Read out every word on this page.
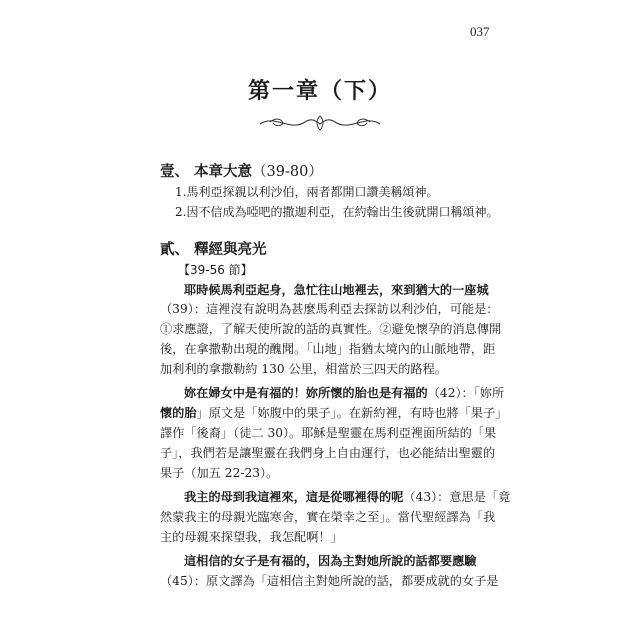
037
第一章（下）
壹、 本章大意（39-80）
1.馬利亞探親以利沙伯，兩者都開口讚美稱頌神。
2.因不信成為啞吧的撒迦利亞，在約翰出生後就開口稱頌神。
貳、 釋經與亮光
【39-56 節】
耶時候馬利亞起身，急忙往山地裡去，來到猶大的一座城
（39）：這裡沒有說明為甚麼馬利亞去探訪以利沙伯，可能是：
①求應證，了解天使所說的話的真實性。②避免懷孕的消息傳開
後，在拿撒勒出現的醜聞。「山地」指猶太境內的山脈地帶，距
加利利的拿撒勒約 130 公里，相當於三四天的路程。
妳在婦女中是有福的！妳所懷的胎也是有福的（42）：「妳所
懷的胎」原文是「妳腹中的果子」。在新約裡，有時也將「果子」
譯作「後裔」（徒二 30）。耶穌是聖靈在馬利亞裡面所結的「果
子」，我們若是讓聖靈在我們身上自由運行，也必能結出聖靈的
果子（加五 22-23）。
我主的母到我這裡來，這是從哪裡得的呢（43）：意思是「竟
然蒙我主的母親光臨寒舍，實在榮幸之至」。當代聖經譯為「我
主的母親來探望我，我怎配啊！」
這相信的女子是有福的，因為主對她所說的話都要應驗
（45）：原文譯為「這相信主對她所說的話，都要成就的女子是
